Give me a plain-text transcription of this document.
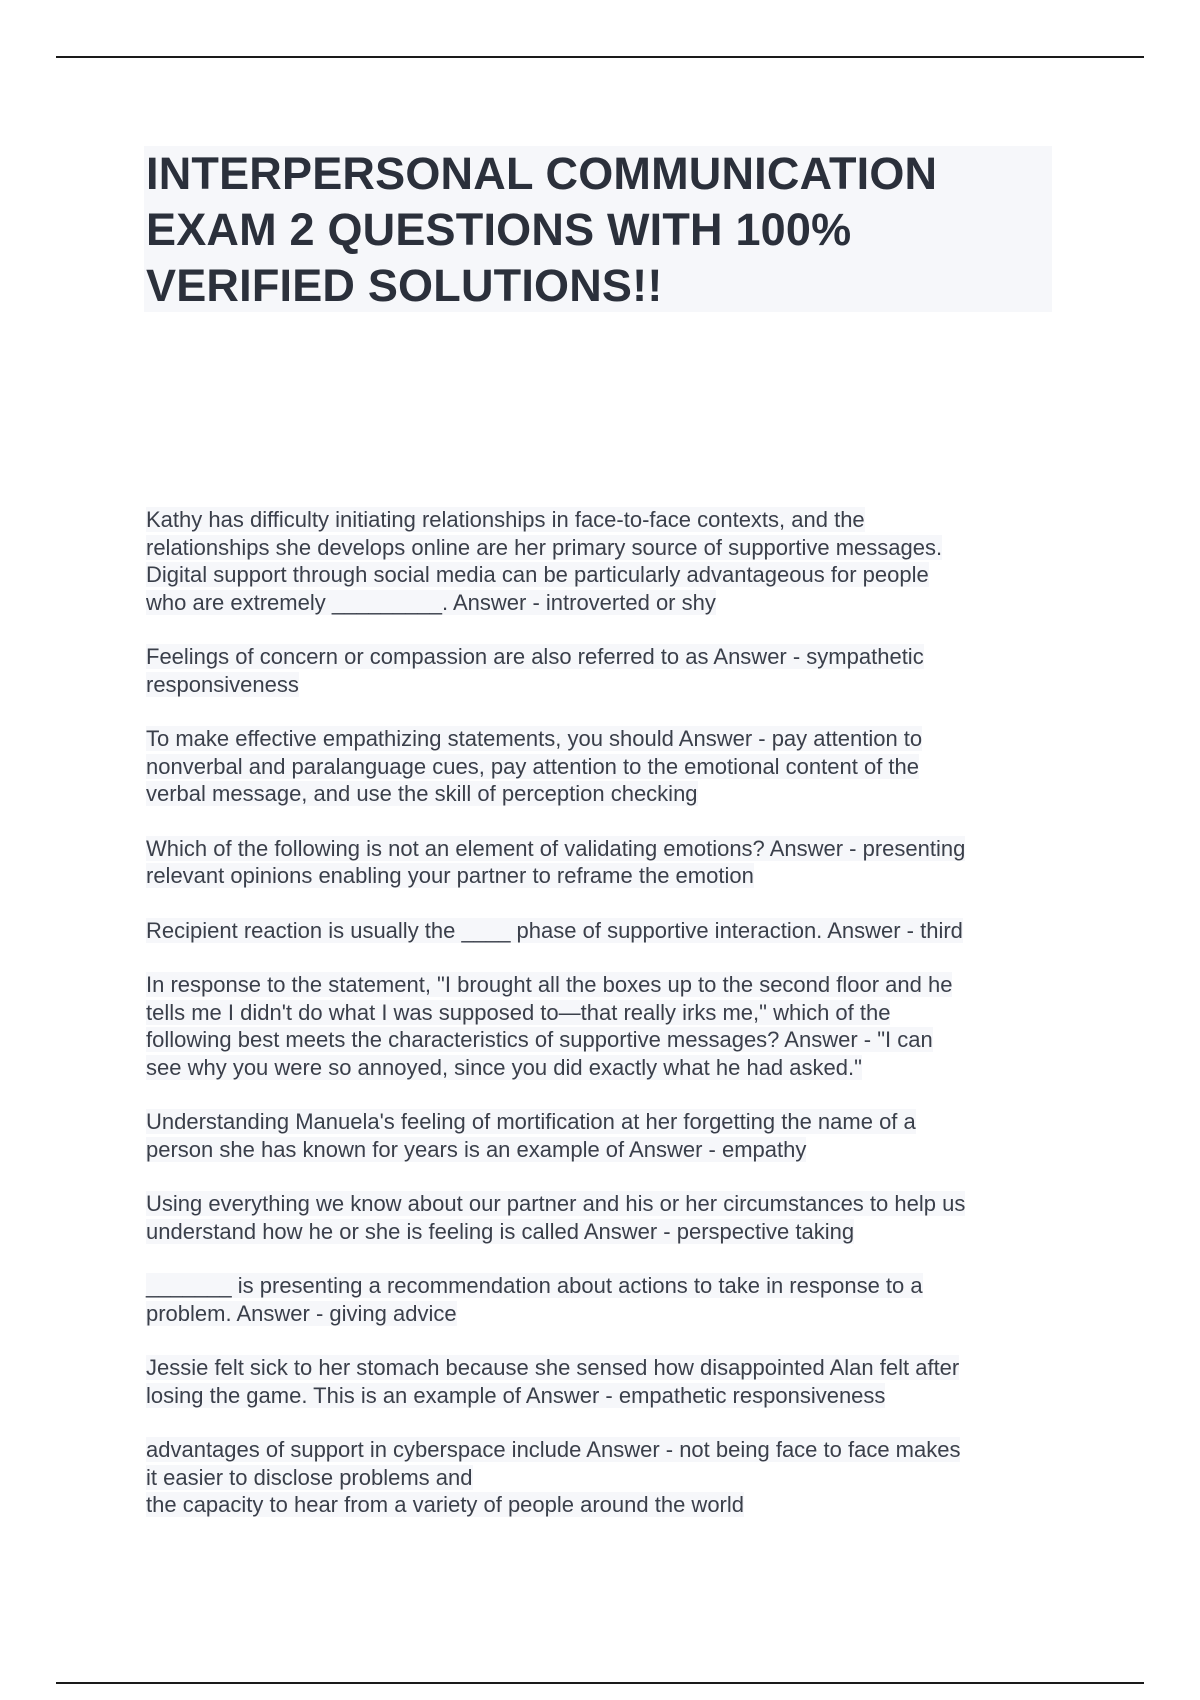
INTERPERSONAL COMMUNICATION
EXAM 2 QUESTIONS WITH 100%
VERIFIED SOLUTIONS!!

Kathy has difficulty initiating relationships in face-to-face contexts, and the
relationships she develops online are her primary source of supportive messages.
Digital support through social media can be particularly advantageous for people
who are extremely _________. Answer - introverted or shy

Feelings of concern or compassion are also referred to as Answer - sympathetic
responsiveness

To make effective empathizing statements, you should Answer - pay attention to
nonverbal and paralanguage cues, pay attention to the emotional content of the
verbal message, and use the skill of perception checking

Which of the following is not an element of validating emotions? Answer - presenting
relevant opinions enabling your partner to reframe the emotion

Recipient reaction is usually the ____ phase of supportive interaction. Answer - third

In response to the statement, "I brought all the boxes up to the second floor and he
tells me I didn't do what I was supposed to—that really irks me," which of the
following best meets the characteristics of supportive messages? Answer - "I can
see why you were so annoyed, since you did exactly what he had asked."

Understanding Manuela's feeling of mortification at her forgetting the name of a
person she has known for years is an example of Answer - empathy

Using everything we know about our partner and his or her circumstances to help us
understand how he or she is feeling is called Answer - perspective taking

_______ is presenting a recommendation about actions to take in response to a
problem. Answer - giving advice

Jessie felt sick to her stomach because she sensed how disappointed Alan felt after
losing the game. This is an example of Answer - empathetic responsiveness

advantages of support in cyberspace include Answer - not being face to face makes
it easier to disclose problems and
the capacity to hear from a variety of people around the world
